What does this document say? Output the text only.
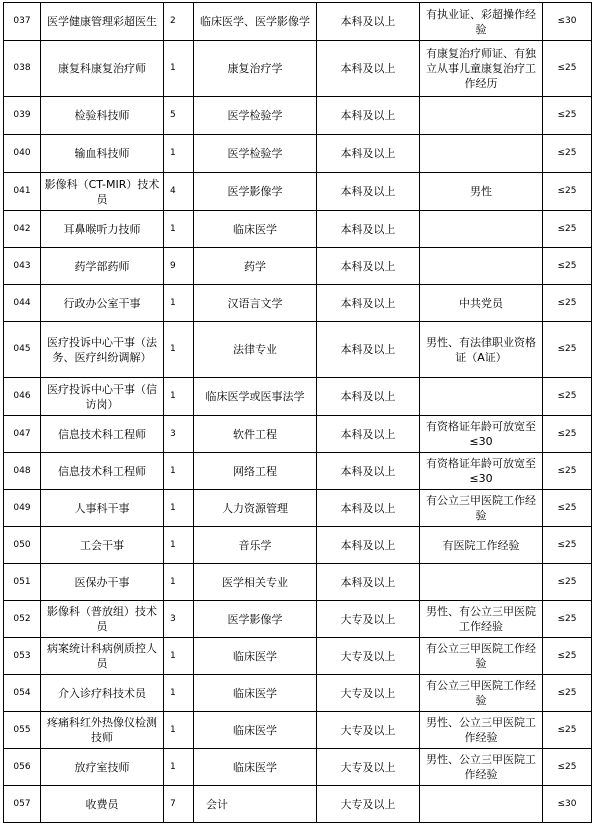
037	医学健康管理彩超医生	2	临床医学、医学影像学	本科及以上	有执业证、彩超操作经验	≤30
038	康复科康复治疗师	1	康复治疗学	本科及以上	有康复治疗师证、有独立从事儿童康复治疗工作经历	≤25
039	检验科技师	5	医学检验学	本科及以上		≤25
040	输血科技师	1	医学检验学	本科及以上		≤25
041	影像科（CT-MIR）技术员	4	医学影像学	本科及以上	男性	≤25
042	耳鼻喉听力技师	1	临床医学	本科及以上		≤25
043	药学部药师	9	药学	本科及以上		≤25
044	行政办公室干事	1	汉语言文学	本科及以上	中共党员	≤25
045	医疗投诉中心干事（法务、医疗纠纷调解）	1	法律专业	本科及以上	男性、有法律职业资格证（A证）	≤25
046	医疗投诉中心干事（信访岗）	1	临床医学或医事法学	本科及以上		≤25
047	信息技术科工程师	3	软件工程	本科及以上	有资格证年龄可放宽至≤30	≤25
048	信息技术科工程师	1	网络工程	本科及以上	有资格证年龄可放宽至≤30	≤25
049	人事科干事	1	人力资源管理	本科及以上	有公立三甲医院工作经验	≤25
050	工会干事	1	音乐学	本科及以上	有医院工作经验	≤25
051	医保办干事	1	医学相关专业	本科及以上		≤25
052	影像科（普放组）技术员	3	医学影像学	大专及以上	男性、有公立三甲医院工作经验	≤25
053	病案统计科病例质控人员	1	临床医学	大专及以上	有公立三甲医院工作经验	≤25
054	介入诊疗科技术员	1	临床医学	大专及以上	有公立三甲医院工作经验	≤25
055	疼痛科红外热像仪检测技师	1	临床医学	大专及以上	男性、公立三甲医院工作经验	≤25
056	放疗室技师	1	临床医学	大专及以上	男性、公立三甲医院工作经验	≤25
057	收费员	7	会计	大专及以上		≤30
